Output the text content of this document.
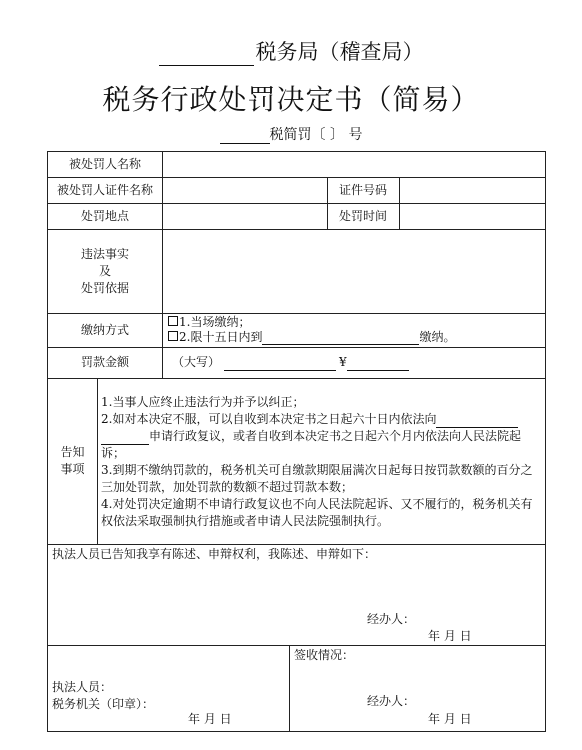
税务局（稽查局）
税务行政处罚决定书（简易）
税简罚〔 〕 号
被处罚人名称
被处罚人证件名称	证件号码
处罚地点	处罚时间
违法事实
及
处罚依据
缴纳方式
1.当场缴纳；
2.限十五日内到	缴纳。
罚款金额	（大写）	¥
告知
事项

1.当事人应终止违法行为并予以纠正；

2.如对本决定不服，可以自收到本决定书之日起六十日内依法向

申请行政复议，或者自收到本决定书之日起六个月内依法向人民法院起

诉；

3.到期不缴纳罚款的，税务机关可自缴款期限届满次日起每日按罚款数额的百分之三加处罚款，加处罚款的数额不超过罚款本数；

4.对处罚决定逾期不申请行政复议也不向人民法院起诉、又不履行的，税务机关有权依法采取强制执行措施或者申请人民法院强制执行。

执法人员已告知我享有陈述、申辩权利，我陈述、申辩如下：
经办人：
年 月 日
执法人员：
税务机关（印章）：
年 月 日
签收情况：
经办人：
年 月 日
